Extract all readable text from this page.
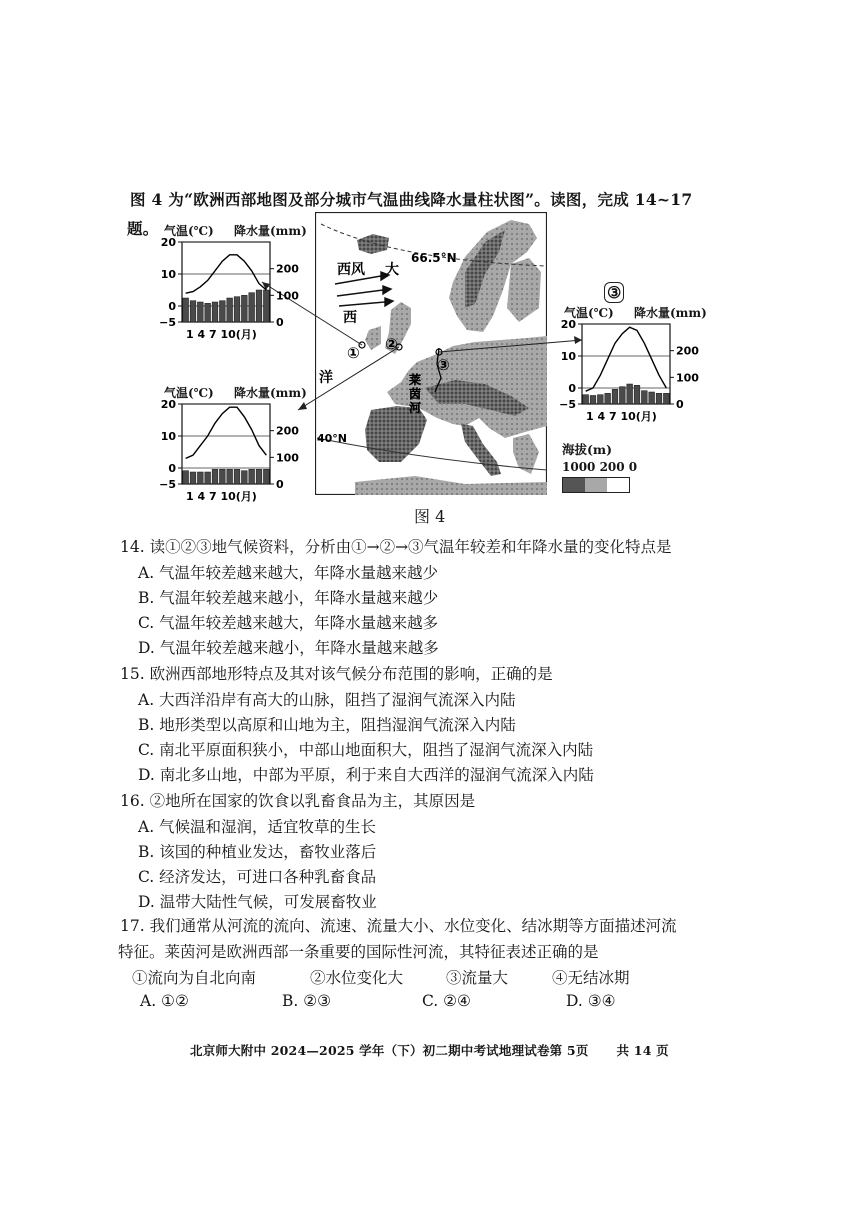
图 4 为“欧洲西部地图及部分城市气温曲线降水量柱状图”。读图，完成 14~17
题。
66.5°N
西风 大
西
洋
40°N
莱
茵
河
① ②
③
气温(℃) 降水量(mm)
20
10
0
−5
200
100
0
1 4 7 10(月)
气温(℃) 降水量(mm)
20
10
0
−5
200
100
0
1 4 7 10(月)
③
气温(℃) 降水量(mm)
20
10
0
−5
200
100
0
1 4 7 10(月)
海拔(m)
1000 200 0
图 4
14. 读①②③地气候资料，分析由①→②→③气温年较差和年降水量的变化特点是
A. 气温年较差越来越大，年降水量越来越少
B. 气温年较差越来越小，年降水量越来越少
C. 气温年较差越来越大，年降水量越来越多
D. 气温年较差越来越小，年降水量越来越多
15. 欧洲西部地形特点及其对该气候分布范围的影响，正确的是
A. 大西洋沿岸有高大的山脉，阻挡了湿润气流深入内陆
B. 地形类型以高原和山地为主，阻挡湿润气流深入内陆
C. 南北平原面积狭小，中部山地面积大，阻挡了湿润气流深入内陆
D. 南北多山地，中部为平原，利于来自大西洋的湿润气流深入内陆
16. ②地所在国家的饮食以乳畜食品为主，其原因是
A. 气候温和湿润，适宜牧草的生长
B. 该国的种植业发达，畜牧业落后
C. 经济发达，可进口各种乳畜食品
D. 温带大陆性气候，可发展畜牧业
17. 我们通常从河流的流向、流速、流量大小、水位变化、结冰期等方面描述河流
特征。莱茵河是欧洲西部一条重要的国际性河流，其特征表述正确的是
①流向为自北向南	②水位变化大	③流量大	④无结冰期
A. ①②	B. ②③	C. ②④	D. ③④
北京师大附中 2024—2025 学年（下）初二期中考试地理试卷第 5页 共 14 页
